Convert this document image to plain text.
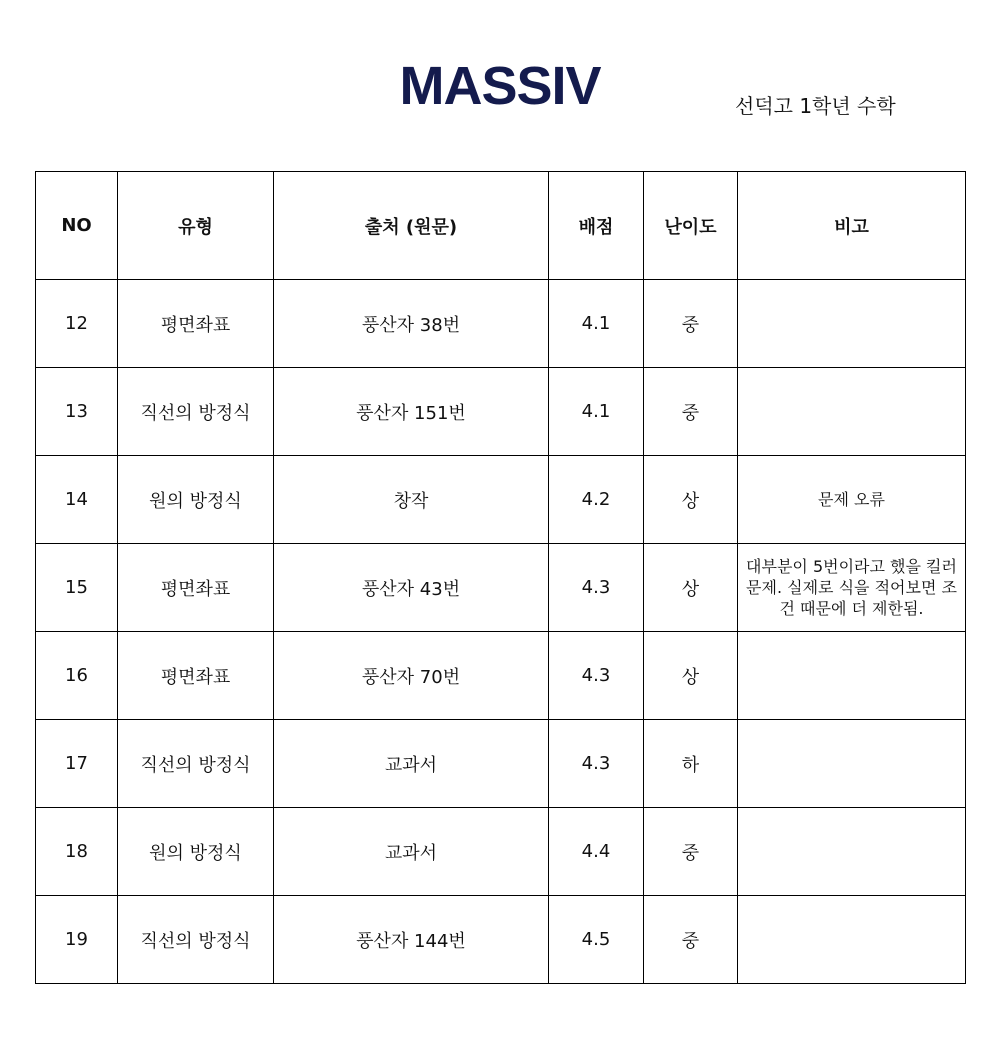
MASSIV	선덕고 1학년 수학
NO	유형	출처 (원문)	배점	난이도	비고
12	평면좌표	풍산자 38번	4.1	중	
13	직선의 방정식	풍산자 151번	4.1	중	
14	원의 방정식	창작	4.2	상	문제 오류
15	평면좌표	풍산자 43번	4.3	상	대부분이 5번이라고 했을 킬러 문제. 실제로 식을 적어보면 조건 때문에 더 제한됨.
16	평면좌표	풍산자 70번	4.3	상	
17	직선의 방정식	교과서	4.3	하	
18	원의 방정식	교과서	4.4	중	
19	직선의 방정식	풍산자 144번	4.5	중	
